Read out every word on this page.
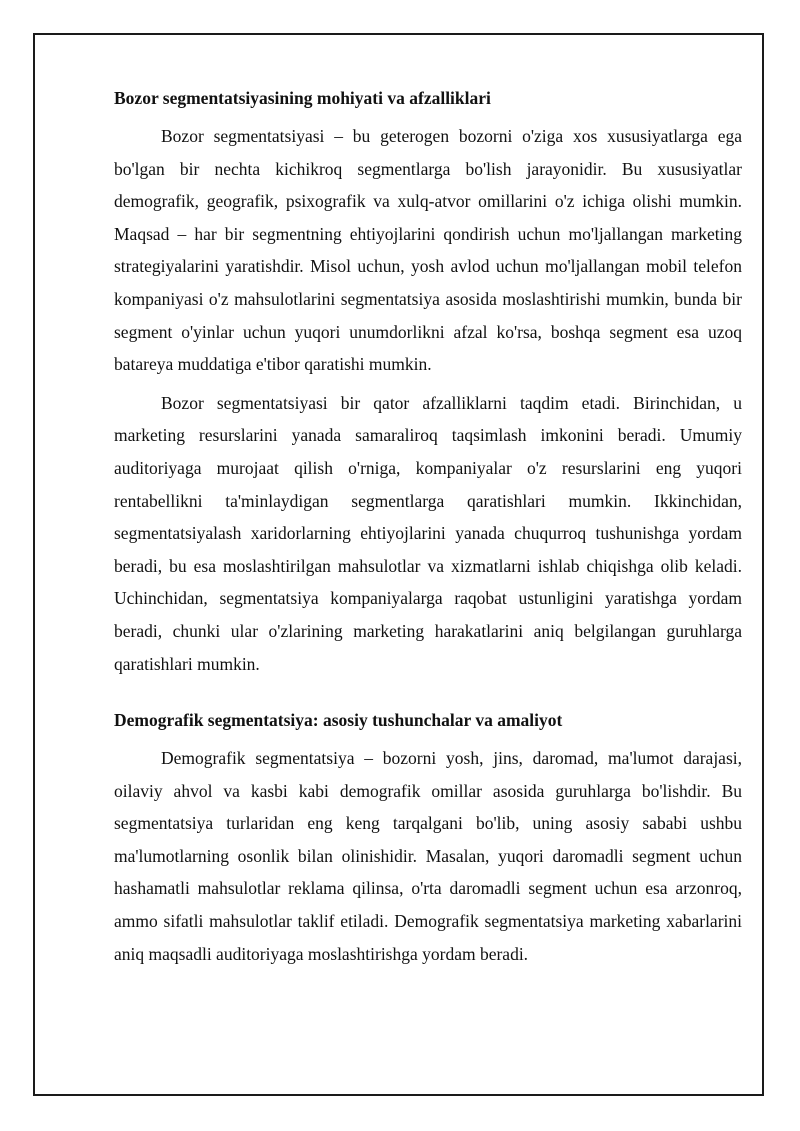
Bozor segmentatsiyasining mohiyati va afzalliklari

Bozor segmentatsiyasi – bu geterogen bozorni o'ziga xos xususiyatlarga ega bo'lgan bir nechta kichikroq segmentlarga bo'lish jarayonidir. Bu xususiyatlar demografik, geografik, psixografik va xulq-atvor omillarini o'z ichiga olishi mumkin. Maqsad – har bir segmentning ehtiyojlarini qondirish uchun mo'ljallangan marketing strategiyalarini yaratishdir. Misol uchun, yosh avlod uchun mo'ljallangan mobil telefon kompaniyasi o'z mahsulotlarini segmentatsiya asosida moslashtirishi mumkin, bunda bir segment o'yinlar uchun yuqori unumdorlikni afzal ko'rsa, boshqa segment esa uzoq batareya muddatiga e'tibor qaratishi mumkin.

Bozor segmentatsiyasi bir qator afzalliklarni taqdim etadi. Birinchidan, u marketing resurslarini yanada samaraliroq taqsimlash imkonini beradi. Umumiy auditoriyaga murojaat qilish o'rniga, kompaniyalar o'z resurslarini eng yuqori rentabellikni ta'minlaydigan segmentlarga qaratishlari mumkin. Ikkinchidan, segmentatsiyalash xaridorlarning ehtiyojlarini yanada chuqurroq tushunishga yordam beradi, bu esa moslashtirilgan mahsulotlar va xizmatlarni ishlab chiqishga olib keladi. Uchinchidan, segmentatsiya kompaniyalarga raqobat ustunligini yaratishga yordam beradi, chunki ular o'zlarining marketing harakatlarini aniq belgilangan guruhlarga qaratishlari mumkin.

Demografik segmentatsiya: asosiy tushunchalar va amaliyot

Demografik segmentatsiya – bozorni yosh, jins, daromad, ma'lumot darajasi, oilaviy ahvol va kasbi kabi demografik omillar asosida guruhlarga bo'lishdir. Bu segmentatsiya turlaridan eng keng tarqalgani bo'lib, uning asosiy sababi ushbu ma'lumotlarning osonlik bilan olinishidir. Masalan, yuqori daromadli segment uchun hashamatli mahsulotlar reklama qilinsa, o'rta daromadli segment uchun esa arzonroq, ammo sifatli mahsulotlar taklif etiladi. Demografik segmentatsiya marketing xabarlarini aniq maqsadli auditoriyaga moslashtirishga yordam beradi.
